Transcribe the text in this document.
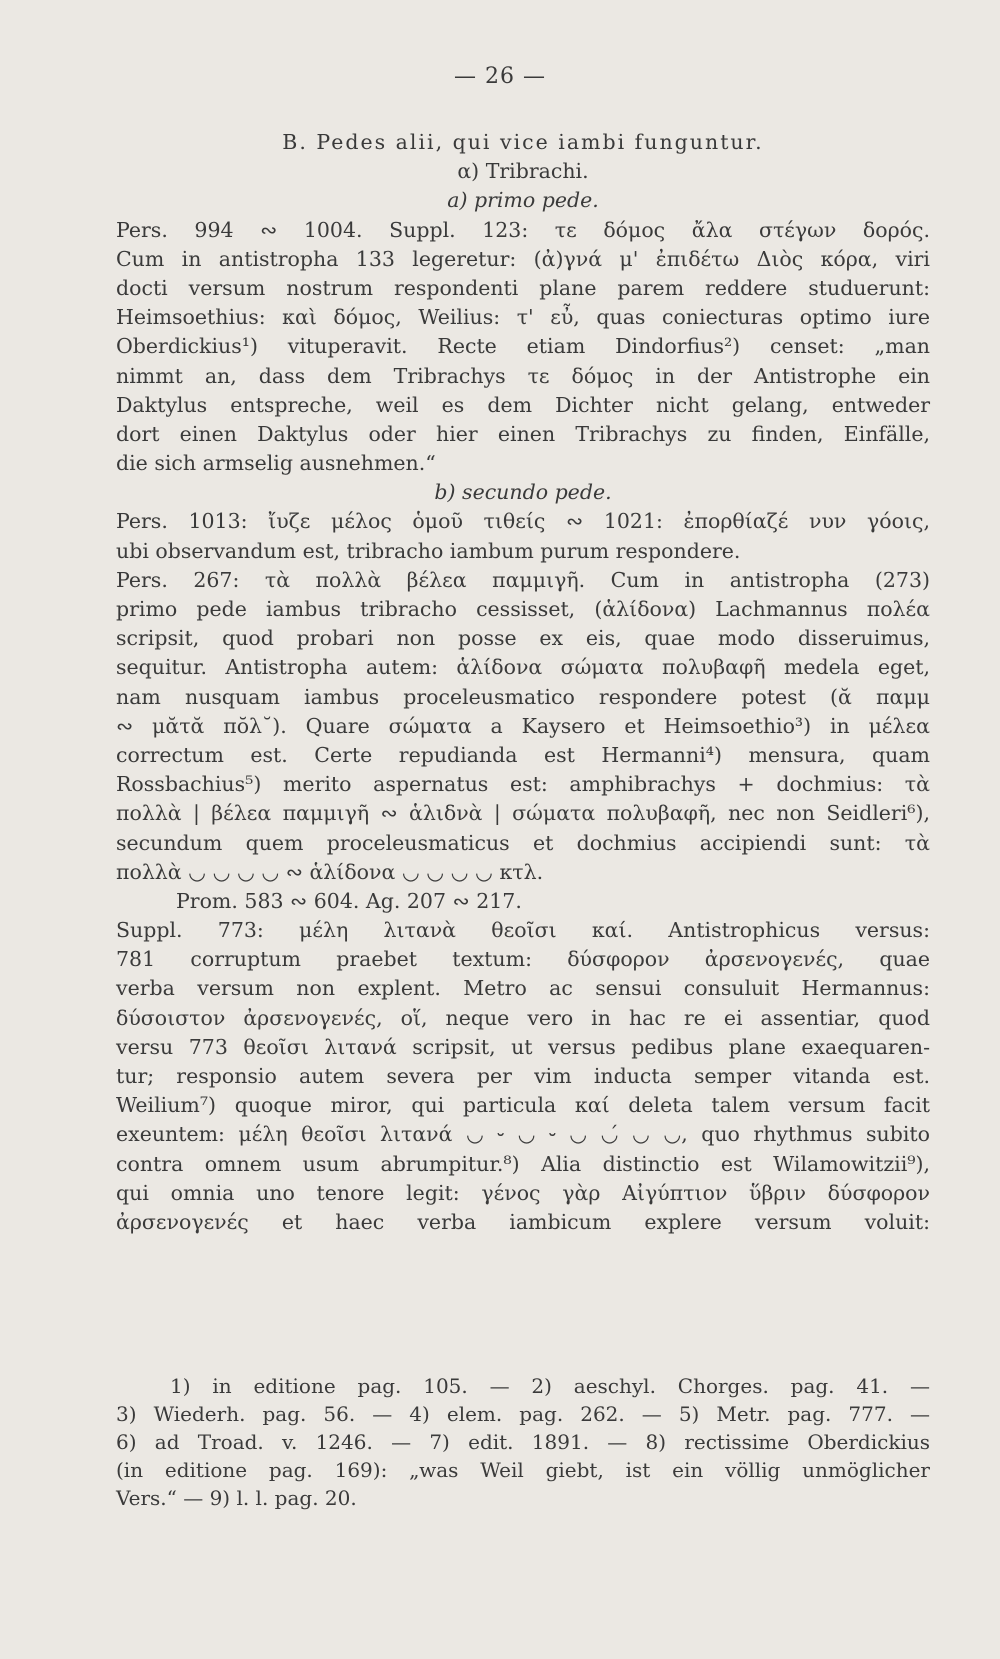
— 26 —
B. Pedes alii, qui vice iambi funguntur.
α) Tribrachi.
a) primo pede.
Pers. 994 ∾ 1004. Suppl. 123: τε δόμος ἄλα στέγων δορός.
Cum in antistropha 133 legeretur: (ἀ)γνά μ' ἐπιδέτω Διὸς κόρα, viri
docti versum nostrum respondenti plane parem reddere studuerunt:
Heimsoethius: καὶ δόμος, Weilius: τ' εὖ, quas coniecturas optimo iure
Oberdickius¹) vituperavit. Recte etiam Dindorfius²) censet: „man
nimmt an, dass dem Tribrachys τε δόμος in der Antistrophe ein
Daktylus entspreche, weil es dem Dichter nicht gelang, entweder
dort einen Daktylus oder hier einen Tribrachys zu finden, Einfälle,
die sich armselig ausnehmen.“
b) secundo pede.
Pers. 1013: ἴυζε μέλος ὁμοῦ τιθείς ∾ 1021: ἐπορθίαζέ νυν γόοις,
ubi observandum est, tribracho iambum purum respondere.
Pers. 267: τὰ πολλὰ βέλεα παμμιγῆ. Cum in antistropha (273)
primo pede iambus tribracho cessisset, (ἁλίδονα) Lachmannus πολέα
scripsit, quod probari non posse ex eis, quae modo disseruimus,
sequitur. Antistropha autem: ἁλίδονα σώματα πολυβαφῆ medela eget,
nam nusquam iambus proceleusmatico respondere potest (ᾰ παμμ
∾ μᾰτᾰ πŏλ˘). Quare σώματα a Kaysero et Heimsoethio³) in μέλεα
correctum est. Certe repudianda est Hermanni⁴) mensura, quam
Rossbachius⁵) merito aspernatus est: amphibrachys + dochmius: τὰ
πολλὰ | βέλεα παμμιγῆ ∾ ἁλιδνὰ | σώματα πολυβαφῆ, nec non Seidleri⁶),
secundum quem proceleusmaticus et dochmius accipiendi sunt: τὰ
πολλὰ ◡ ◡ ◡ ◡ ∾ ἁλίδονα ◡ ◡ ◡ ◡ κτλ.
Prom. 583 ∾ 604. Ag. 207 ∾ 217.
Suppl. 773: μέλη λιτανὰ θεοῖσι καί. Antistrophicus versus:
781 corruptum praebet textum: δύσφορον ἀρσενογενές, quae
verba versum non explent. Metro ac sensui consuluit Hermannus:
δύσοιστον ἀρσενογενές, οἵ, neque vero in hac re ei assentiar, quod
versu 773 θεοῖσι λιτανά scripsit, ut versus pedibus plane exaequaren-
tur; responsio autem severa per vim inducta semper vitanda est.
Weilium⁷) quoque miror, qui particula καί deleta talem versum facit
exeuntem: μέλη θεοῖσι λιτανά ◡ ⏑ ◡ ⏑ ◡ ◡́ ◡ ◡, quo rhythmus subito
contra omnem usum abrumpitur.⁸) Alia distinctio est Wilamowitzii⁹),
qui omnia uno tenore legit: γένος γὰρ Αἰγύπτιον ὕβριν δύσφορον
ἀρσενογενές et haec verba iambicum explere versum voluit:
1) in editione pag. 105. — 2) aeschyl. Chorges. pag. 41. —
3) Wiederh. pag. 56. — 4) elem. pag. 262. — 5) Metr. pag. 777. —
6) ad Troad. v. 1246. — 7) edit. 1891. — 8) rectissime Oberdickius
(in editione pag. 169): „was Weil giebt, ist ein völlig unmöglicher
Vers.“ — 9) l. l. pag. 20.
